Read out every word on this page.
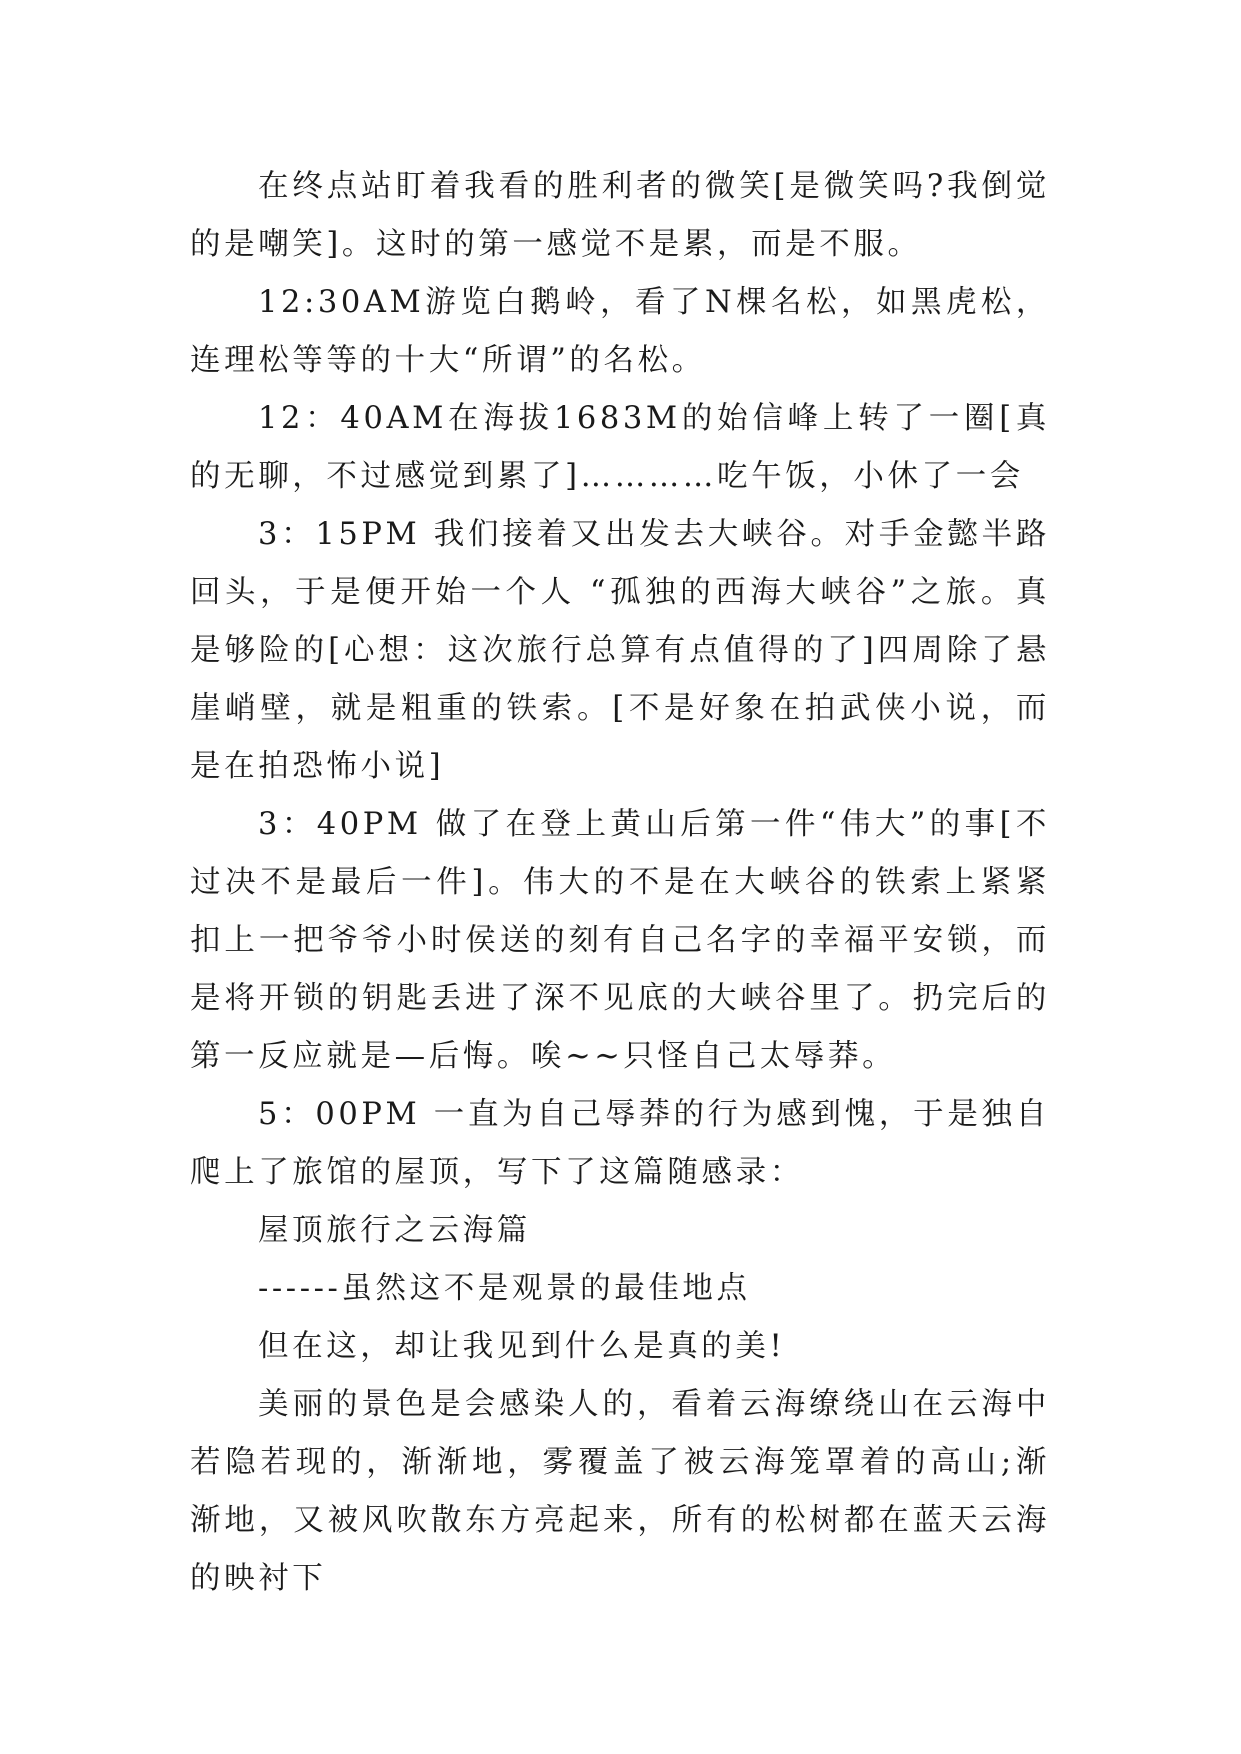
在终点站盯着我看的胜利者的微笑[是微笑吗?我倒觉的是嘲笑]。这时的第一感觉不是累，而是不服。

12:30AM游览白鹅岭，看了N棵名松，如黑虎松，连理松等等的十大“所谓”的名松。

12：40AM在海拔1683M的始信峰上转了一圈[真的无聊，不过感觉到累了]…………吃午饭，小休了一会

3：15PM 我们接着又出发去大峡谷。对手金懿半路回头，于是便开始一个人 “孤独的西海大峡谷”之旅。真是够险的[心想：这次旅行总算有点值得的了]四周除了悬崖峭壁，就是粗重的铁索。[不是好象在拍武侠小说，而是在拍恐怖小说]

3：40PM 做了在登上黄山后第一件“伟大”的事[不过决不是最后一件]。伟大的不是在大峡谷的铁索上紧紧扣上一把爷爷小时侯送的刻有自己名字的幸福平安锁，而是将开锁的钥匙丢进了深不见底的大峡谷里了。扔完后的第一反应就是—后悔。唉~~只怪自己太辱莽。

5：00PM 一直为自己辱莽的行为感到愧，于是独自爬上了旅馆的屋顶，写下了这篇随感录：

屋顶旅行之云海篇

------虽然这不是观景的最佳地点

但在这，却让我见到什么是真的美!

美丽的景色是会感染人的，看着云海缭绕山在云海中若隐若现的，渐渐地，雾覆盖了被云海笼罩着的高山;渐渐地，又被风吹散东方亮起来，所有的松树都在蓝天云海的映衬下
